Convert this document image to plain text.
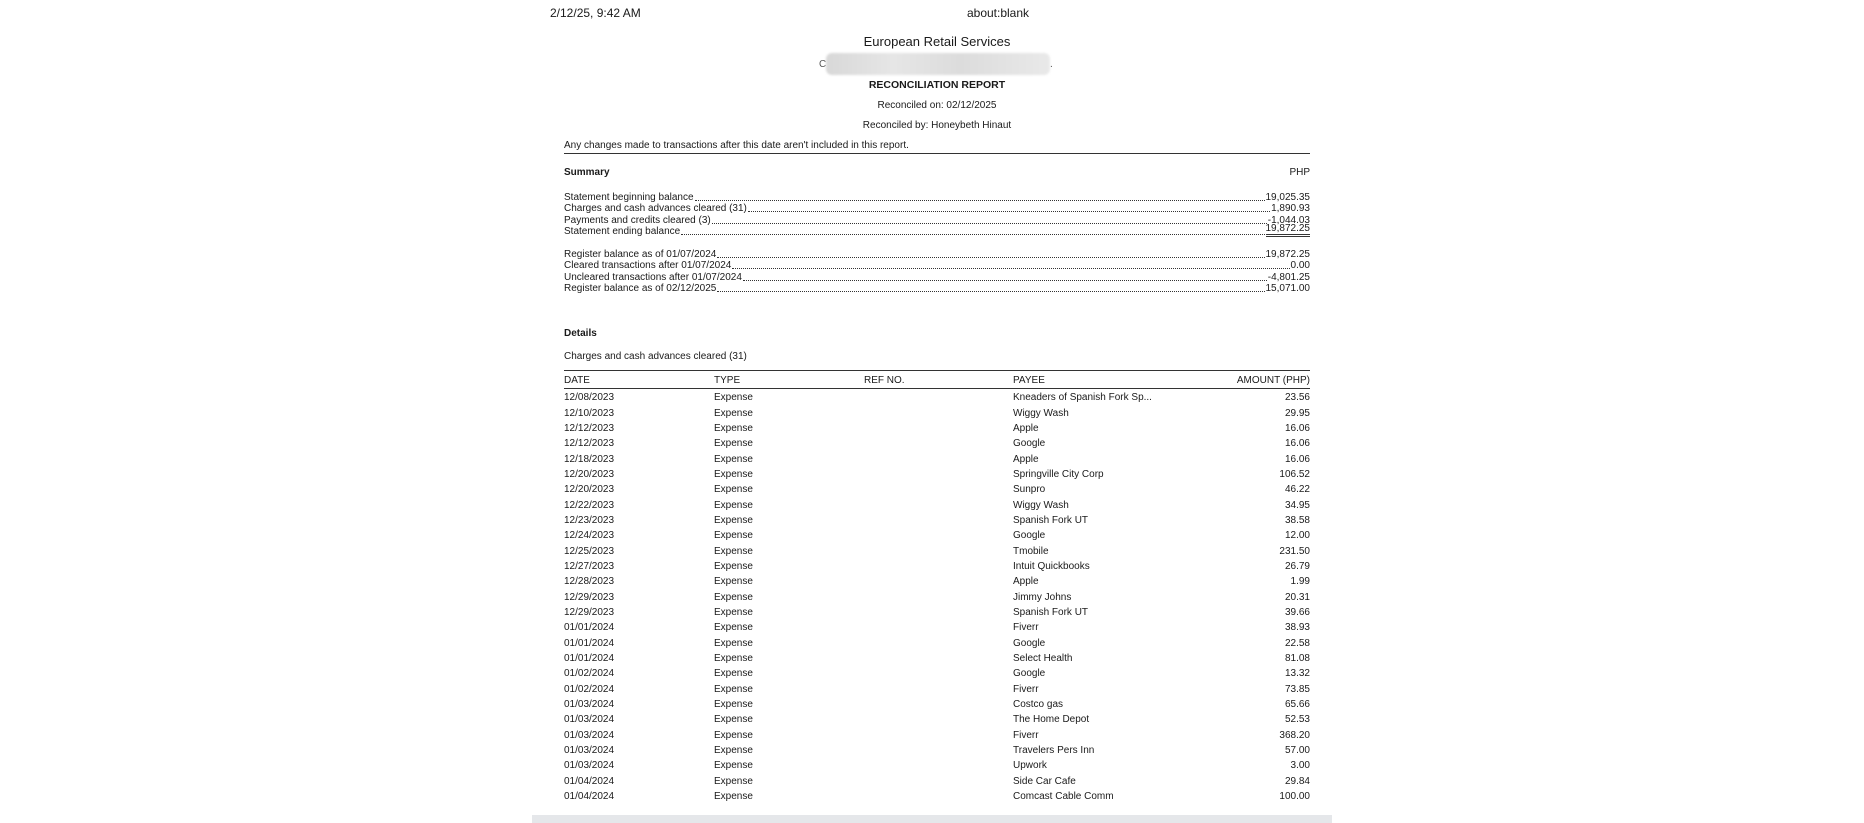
2/12/25, 9:42 AM	about:blank
European Retail Services
C	.
RECONCILIATION REPORT
Reconciled on: 02/12/2025
Reconciled by: Honeybeth Hinaut
Any changes made to transactions after this date aren't included in this report.
Summary	PHP
Statement beginning balance	19,025.35
Charges and cash advances cleared (31)	1,890.93
Payments and credits cleared (3)	-1,044.03
Statement ending balance	19,872.25
Register balance as of 01/07/2024	19,872.25
Cleared transactions after 01/07/2024	0.00
Uncleared transactions after 01/07/2024	-4,801.25
Register balance as of 02/12/2025	15,071.00
Details
Charges and cash advances cleared (31)
DATE	TYPE	REF NO.	PAYEE	AMOUNT (PHP)
12/08/2023	Expense		Kneaders of Spanish Fork Sp...	23.56
12/10/2023	Expense		Wiggy Wash	29.95
12/12/2023	Expense		Apple	16.06
12/12/2023	Expense		Google	16.06
12/18/2023	Expense		Apple	16.06
12/20/2023	Expense		Springville City Corp	106.52
12/20/2023	Expense		Sunpro	46.22
12/22/2023	Expense		Wiggy Wash	34.95
12/23/2023	Expense		Spanish Fork UT	38.58
12/24/2023	Expense		Google	12.00
12/25/2023	Expense		Tmobile	231.50
12/27/2023	Expense		Intuit Quickbooks	26.79
12/28/2023	Expense		Apple	1.99
12/29/2023	Expense		Jimmy Johns	20.31
12/29/2023	Expense		Spanish Fork UT	39.66
01/01/2024	Expense		Fiverr	38.93
01/01/2024	Expense		Google	22.58
01/01/2024	Expense		Select Health	81.08
01/02/2024	Expense		Google	13.32
01/02/2024	Expense		Fiverr	73.85
01/03/2024	Expense		Costco gas	65.66
01/03/2024	Expense		The Home Depot	52.53
01/03/2024	Expense		Fiverr	368.20
01/03/2024	Expense		Travelers Pers Inn	57.00
01/03/2024	Expense		Upwork	3.00
01/04/2024	Expense		Side Car Cafe	29.84
01/04/2024	Expense		Comcast Cable Comm	100.00
